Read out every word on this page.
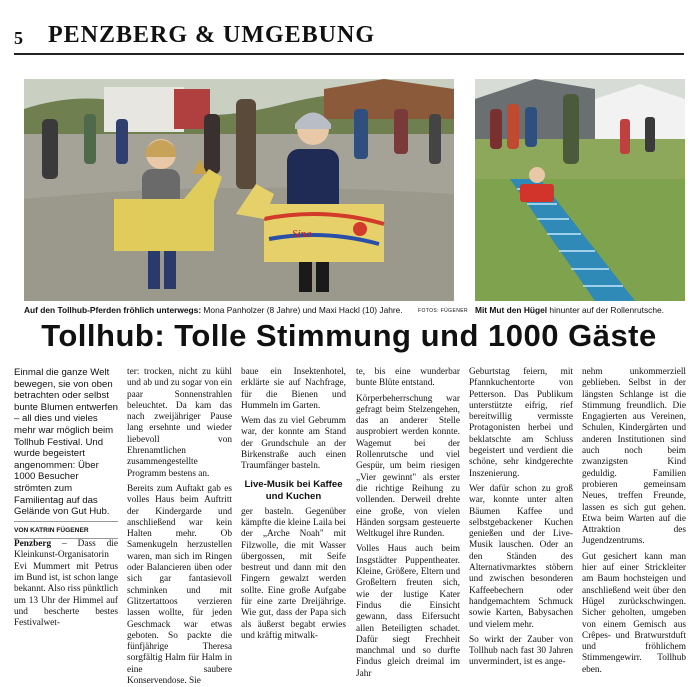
5 PENZBERG & UMGEBUNG
Sina
Auf den Tollhub-Pferden fröhlich unterwegs: Mona Panholzer (8 Jahre) und Maxi Hackl (10) Jahre.	FOTOS: FÜGENER Mit Mut den Hügel hinunter auf der Rollenrutsche.
Tollhub: Tolle Stimmung und 1000 Gäste

Einmal die ganze Welt bewegen, sie von oben betrachten oder selbst bunte Blumen entwerfen – all dies und vieles mehr war möglich beim Tollhub Festival. Und wurde begeistert angenommen: Über 1000 Besucher strömten zum Familientag auf das Gelände von Gut Hub.

VON KATRIN FÜGENER

Penzberg – Dass die Kleinkunst-Organisatorin Evi Mummert mit Petrus im Bund ist, ist schon lange bekannt. Also riss pünktlich um 13 Uhr der Himmel auf und bescherte bestes Festivalwet-

ter: trocken, nicht zu kühl und ab und zu sogar von ein paar Sonnenstrahlen beleuchtet. Da kam das nach zweijähriger Pause lang ersehnte und wieder liebevoll von Ehrenamtlichen zusammengestellte Programm bestens an.

Bereits zum Auftakt gab es volles Haus beim Auftritt der Kindergarde und anschließend war kein Halten mehr. Ob Samenkugeln herzustellen waren, man sich im Ringen oder Balancieren üben oder sich gar fantasievoll schminken und mit Glitzertattoos verzieren lassen wollte, für jeden Geschmack war etwas geboten. So packte die fünfjährige Theresa sorgfältig Halm für Halm in eine saubere Konservendose. Sie

baue ein Insektenhotel, erklärte sie auf Nachfrage, für die Bienen und Hummeln im Garten.

Wem das zu viel Gebrumm war, der konnte am Stand der Grundschule an der Birkenstraße auch einen Traumfänger basteln.

Live-Musik bei Kaffee und Kuchen

ger basteln. Gegenüber kämpfte die kleine Laila bei der „Arche Noah" mit Filzwolle, die mit Wasser übergossen, mit Seife bestreut und dann mit den Fingern gewalzt werden sollte. Eine große Aufgabe für eine zarte Dreijährige. Wie gut, dass der Papa sich als äußerst begabt erwies und kräftig mitwalk-

te, bis eine wunderbar bunte Blüte entstand.

Körperbeherrschung war gefragt beim Stelzengehen, das an anderer Stelle ausprobiert werden konnte. Wagemut bei der Rollenrutsche und viel Gespür, um beim riesigen „Vier gewinnt" als erster die richtige Reihung zu vollenden. Derweil drehte eine große, von vielen Händen sorgsam gesteuerte Weltkugel ihre Runden.

Volles Haus auch beim Insgstädter Puppentheater. Kleine, Größere, Eltern und Großeltern freuten sich, wie der lustige Kater Findus die Einsicht gewann, dass Eifersucht allen Beteiligten schadet. Dafür siegt Frechheit manchmal und so durfte Findus gleich dreimal im Jahr

Geburtstag feiern, mit Pfannkuchentorte von Petterson. Das Publikum unterstützte eifrig, rief bereitwillig vermisste Protagonisten herbei und beklatschte am Schluss begeistert und verdient die schöne, sehr kindgerechte Inszenierung.

Wer dafür schon zu groß war, konnte unter alten Bäumen Kaffee und selbstgebackener Kuchen genießen und der Live-Musik lauschen. Oder an den Ständen des Alternativmarktes stöbern und zwischen besonderen Kaffeebechern oder handgemachtem Schmuck sowie Karten, Babysachen und vielem mehr.

So wirkt der Zauber von Tollhub nach fast 30 Jahren unvermindert, ist es ange-

nehm unkommerziell geblieben. Selbst in der längsten Schlange ist die Stimmung freundlich. Die Engagierten aus Vereinen, Schulen, Kindergärten und anderen Institutionen sind auch noch beim zwanzigsten Kind geduldig. Familien probieren gemeinsam Neues, treffen Freunde, lassen es sich gut gehen. Etwa beim Warten auf die Attraktion des Jugendzentrums.

Gut gesichert kann man hier auf einer Strickleiter am Baum hochsteigen und anschließend weit über den Hügel zurückschwingen. Sicher geholten, umgeben von einem Gemisch aus Crêpes- und Bratwurstduft und fröhlichem Stimmengewirr. Tollhub eben.
